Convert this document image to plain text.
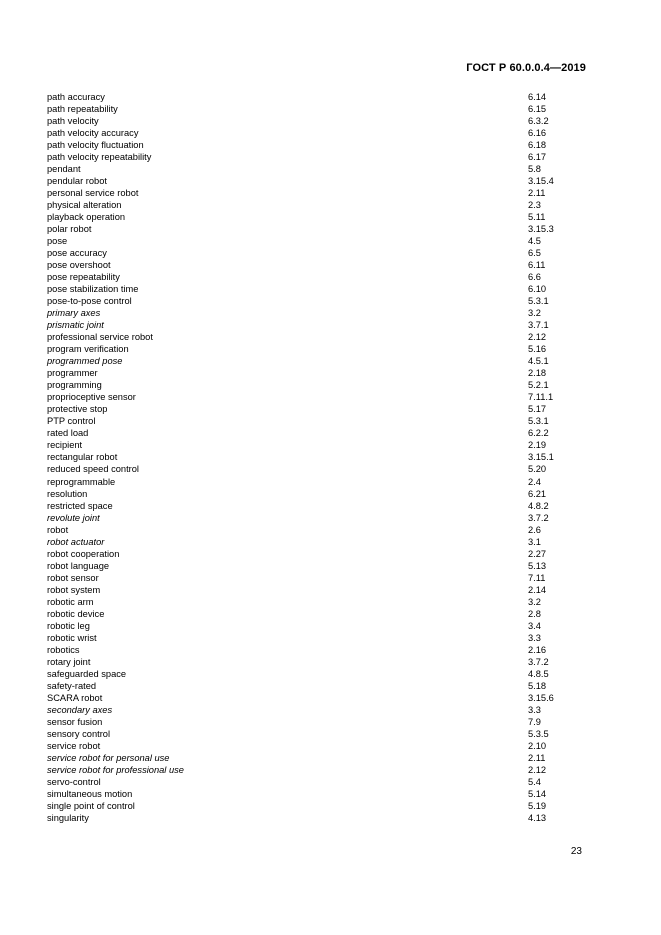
ГОСТ Р 60.0.0.4—2019
path accuracy	6.14
path repeatability	6.15
path velocity	6.3.2
path velocity accuracy	6.16
path velocity fluctuation	6.18
path velocity repeatability	6.17
pendant	5.8
pendular robot	3.15.4
personal service robot	2.11
physical alteration	2.3
playback operation	5.11
polar robot	3.15.3
pose	4.5
pose accuracy	6.5
pose overshoot	6.11
pose repeatability	6.6
pose stabilization time	6.10
pose-to-pose control	5.3.1
primary axes	3.2
prismatic joint	3.7.1
professional service robot	2.12
program verification	5.16
programmed pose	4.5.1
programmer	2.18
programming	5.2.1
proprioceptive sensor	7.11.1
protective stop	5.17
PTP control	5.3.1
rated load	6.2.2
recipient	2.19
rectangular robot	3.15.1
reduced speed control	5.20
reprogrammable	2.4
resolution	6.21
restricted space	4.8.2
revolute joint	3.7.2
robot	2.6
robot actuator	3.1
robot cooperation	2.27
robot language	5.13
robot sensor	7.11
robot system	2.14
robotic arm	3.2
robotic device	2.8
robotic leg	3.4
robotic wrist	3.3
robotics	2.16
rotary joint	3.7.2
safeguarded space	4.8.5
safety-rated	5.18
SCARA robot	3.15.6
secondary axes	3.3
sensor fusion	7.9
sensory control	5.3.5
service robot	2.10
service robot for personal use	2.11
service robot for professional use	2.12
servo-control	5.4
simultaneous motion	5.14
single point of control	5.19
singularity	4.13
23
